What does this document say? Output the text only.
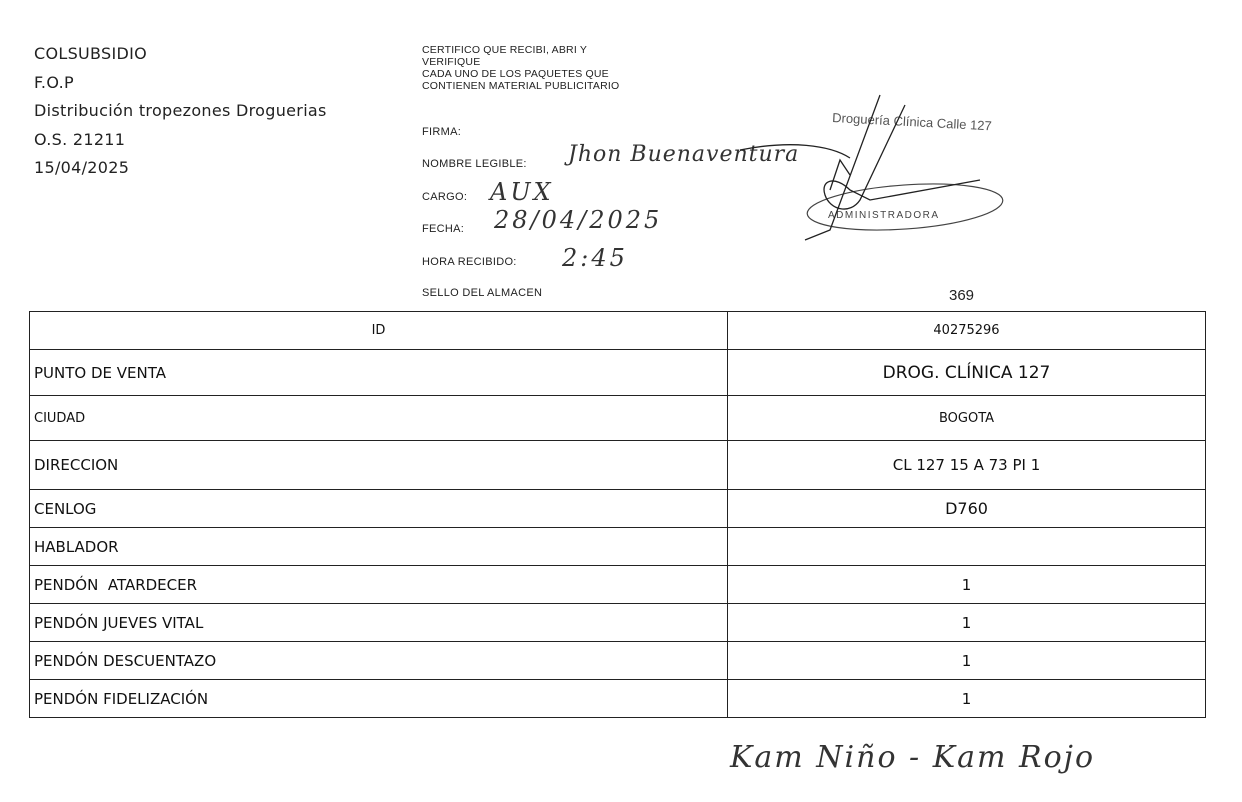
COLSUBSIDIO
F.O.P
Distribución tropezones Droguerias
O.S. 21211
15/04/2025
CERTIFICO QUE RECIBI, ABRI Y
VERIFIQUE
CADA UNO DE LOS PAQUETES QUE
CONTIENEN MATERIAL PUBLICITARIO
FIRMA:
NOMBRE LEGIBLE: Jhon Buenaventura
CARGO: AUX
FECHA: 28/04/2025
HORA RECIBIDO: 2:45
SELLO DEL ALMACEN	369
Droguería Clínica Calle 127
ADMINISTRADORA
ID	40275296
PUNTO DE VENTA	DROG. CLÍNICA 127
CIUDAD	BOGOTA
DIRECCION	CL 127 15 A 73 PI 1
CENLOG	D760
HABLADOR	
PENDÓN  ATARDECER	1
PENDÓN JUEVES VITAL	1
PENDÓN DESCUENTAZO	1
PENDÓN FIDELIZACIÓN	1
Kam Niño - Kam Rojo
